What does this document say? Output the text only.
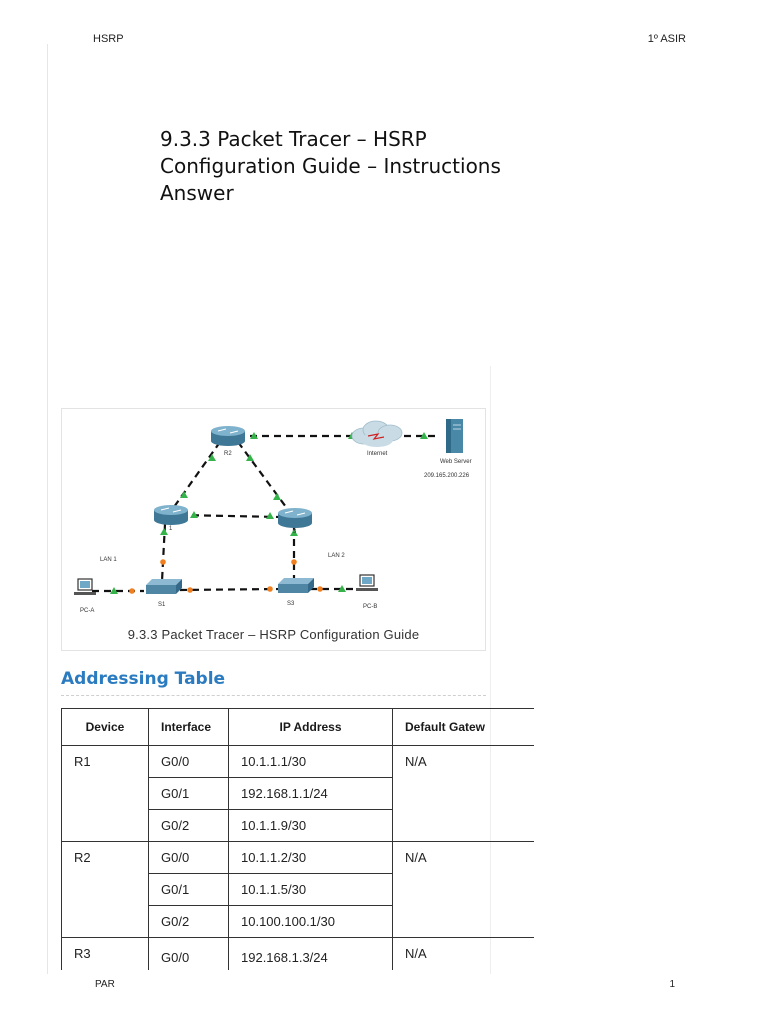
HSRP	1º ASIR
9.3.3 Packet Tracer – HSRP Configuration Guide – Instructions Answer
R2
1	3
Internet
Web Server
209.165.200.226
LAN 1
LAN 2
S1	S3
PC-A
PC-B
9.3.3 Packet Tracer – HSRP Configuration Guide
Addressing Table
Device	Interface	IP Address	Default Gatew
R1	G0/0	10.1.1.1/30	N/A
	G0/1	192.168.1.1/24	
	G0/2	10.1.1.9/30	
R2	G0/0	10.1.1.2/30	N/A
	G0/1	10.1.1.5/30	
	G0/2	10.100.100.1/30	
R3	G0/0	192.168.1.3/24	N/A
PAR	1
